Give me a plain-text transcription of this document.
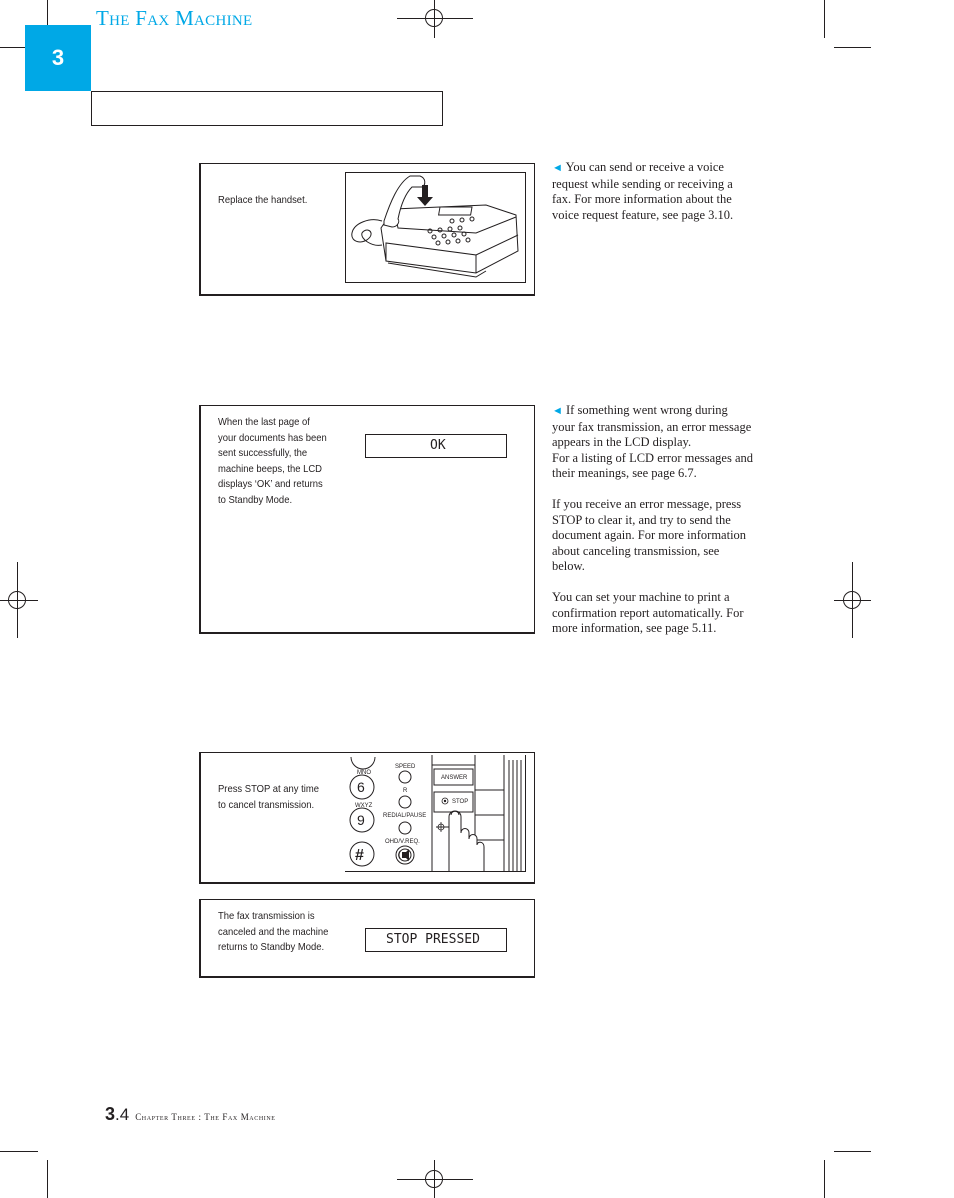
3
The Fax Machine
Replace the handset.

◄ You can send or receive a voice

request while sending or receiving a

fax. For more information about the

voice request feature, see page 3.10.

When the last page of
your documents has been
sent successfully, the
machine beeps, the LCD
displays ‘OK’ and returns
to Standby Mode.
OK

◄ If something went wrong during

your fax transmission, an error message

appears in the LCD display.

For a listing of LCD error messages and

their meanings, see page 6.7.

If you receive an error message, press

STOP to clear it, and try to send the

document again. For more information

about canceling transmission, see

below.

You can set your machine to print a

confirmation report automatically. For

more information, see page 5.11.

Press STOP at any time
to cancel transmission.
6
9
#
MNO
WXYZ
SPEED
R
REDIAL/PAUSE
OHD/V.REQ.
ANSWER
STOP
The fax transmission is
canceled and the machine
returns to Standby Mode.	STOP PRESSED
3.4 Chapter Three : The Fax Machine
